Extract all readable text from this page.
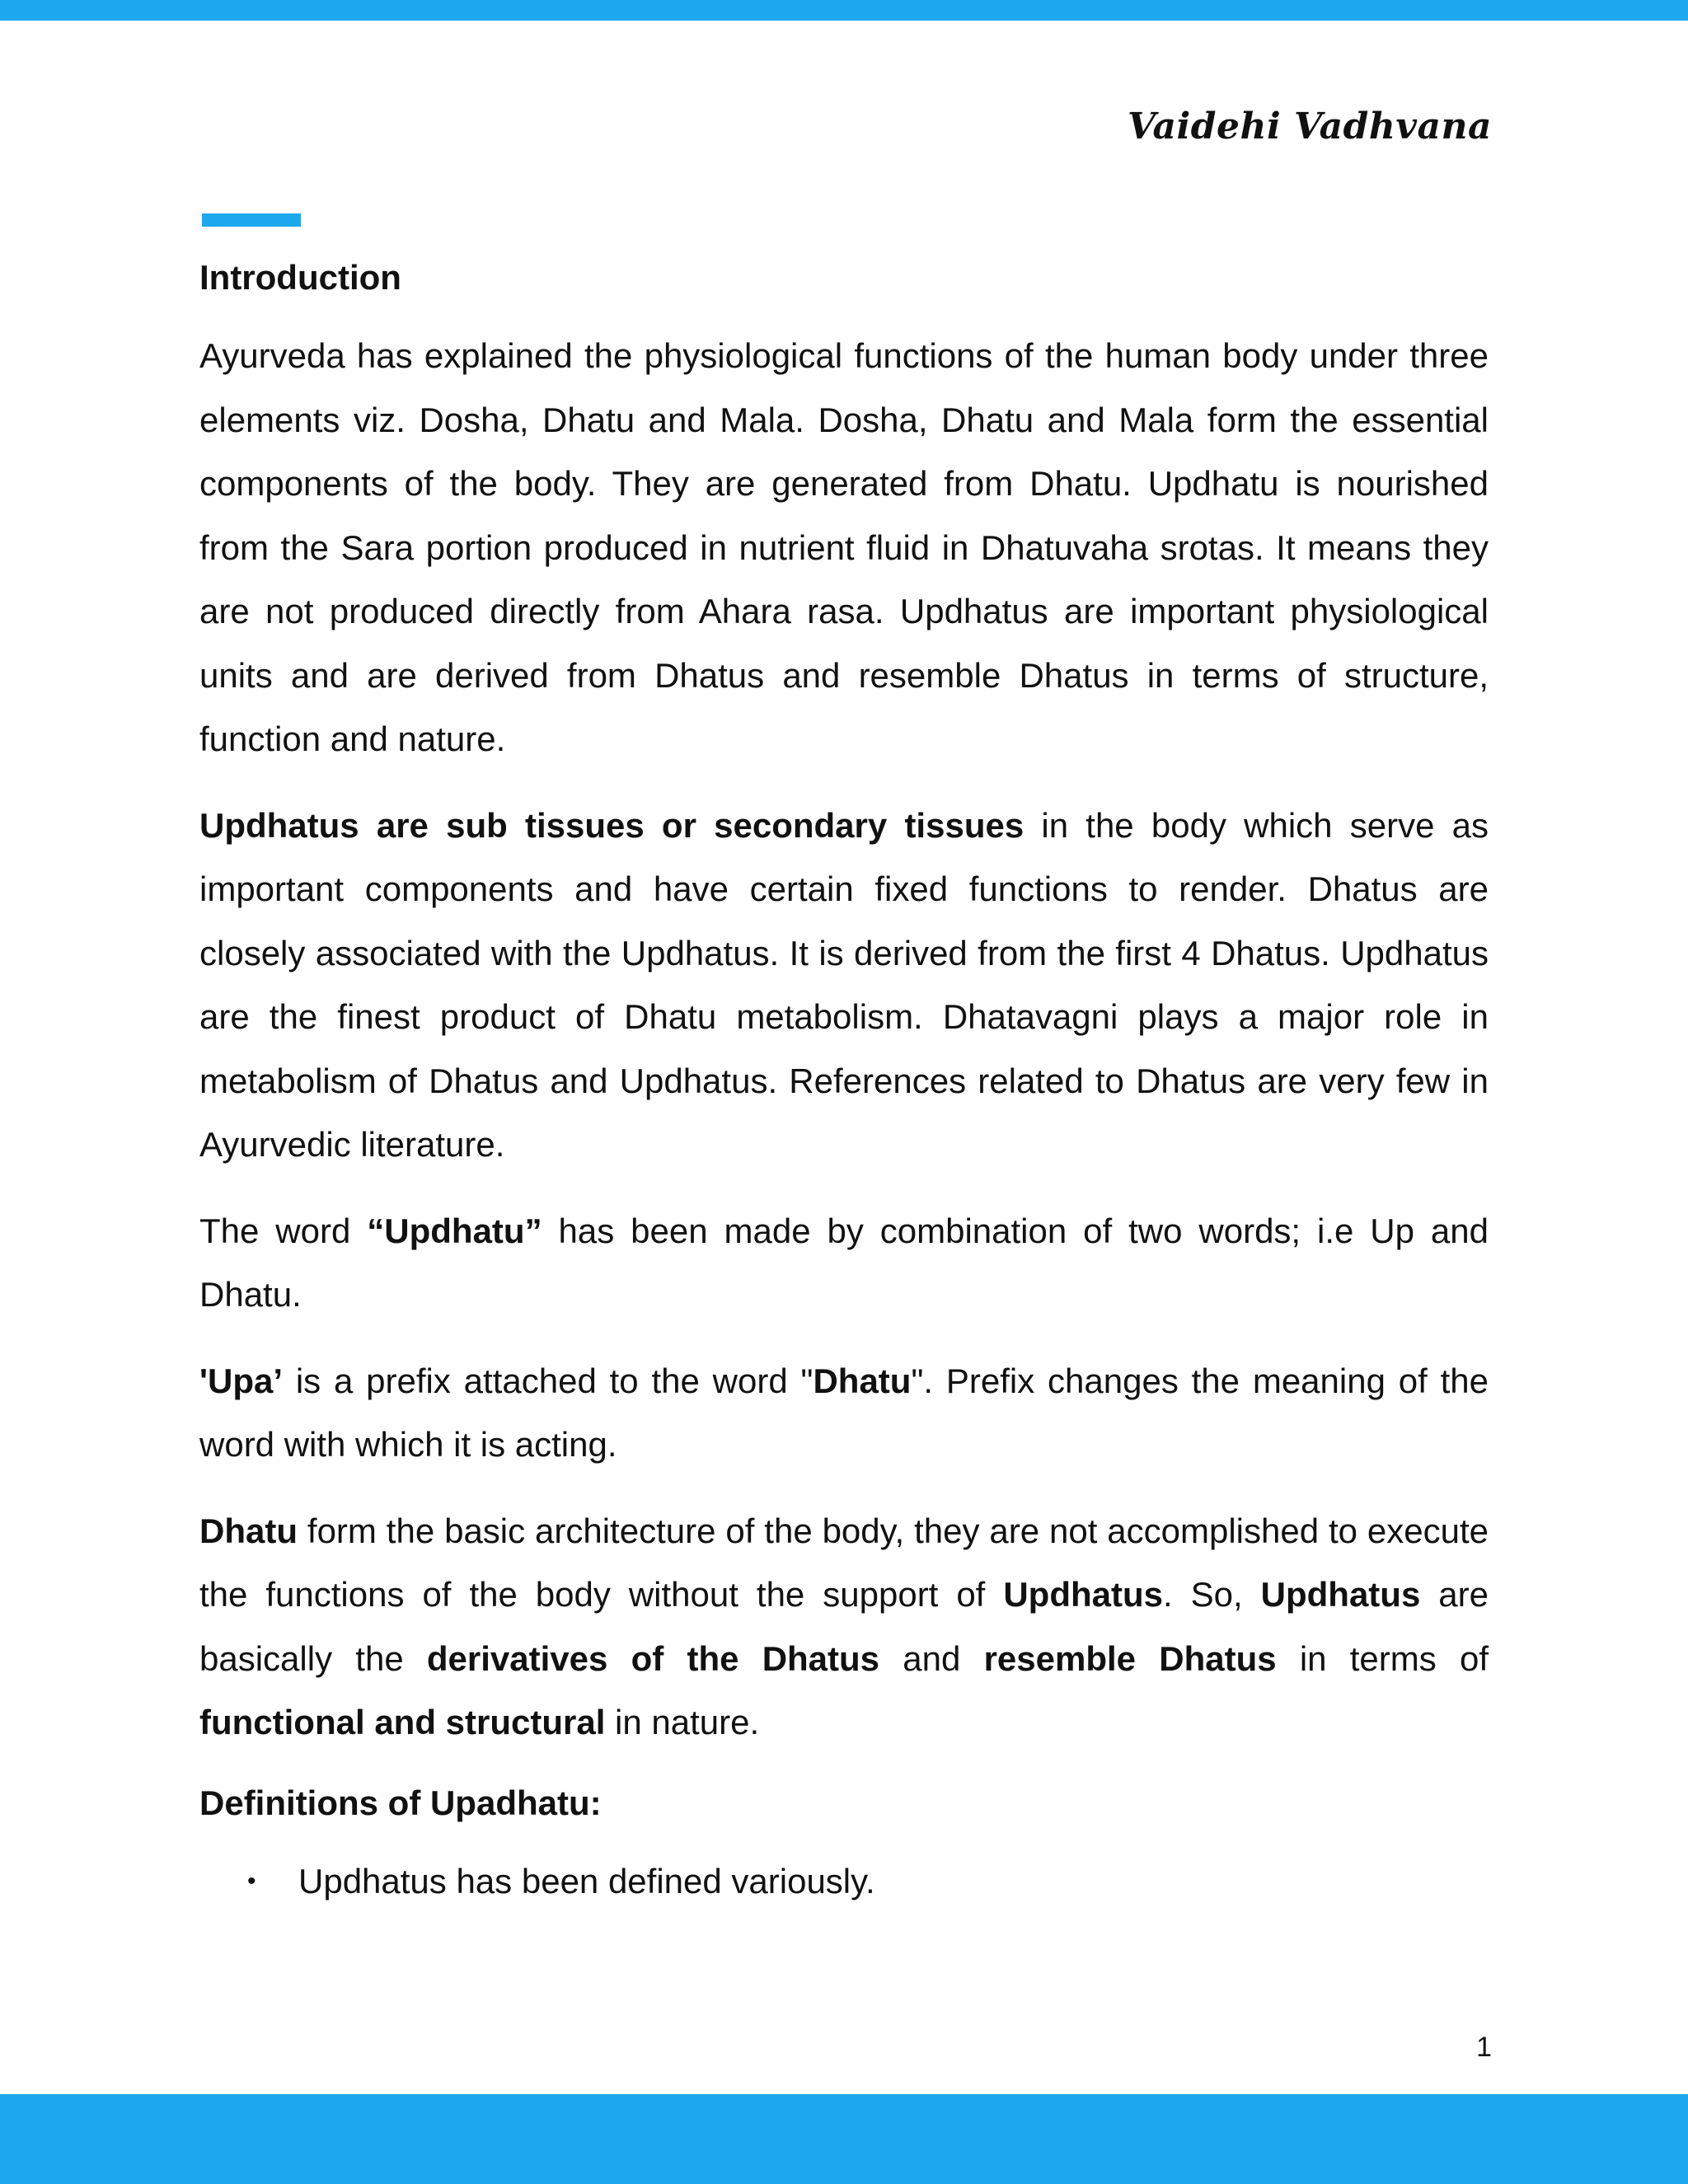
Vaidehi Vadhvana
Introduction
Ayurveda has explained the physiological functions of the human body under three elements viz. Dosha, Dhatu and Mala. Dosha, Dhatu and Mala form the essential components of the body. They are generated from Dhatu. Updhatu is nourished from the Sara portion produced in nutrient fluid in Dhatuvaha srotas. It means they are not produced directly from Ahara rasa. Updhatus are important physiological units and are derived from Dhatus and resemble Dhatus in terms of structure, function and nature.
Updhatus are sub tissues or secondary tissues in the body which serve as important components and have certain fixed functions to render. Dhatus are closely associated with the Updhatus. It is derived from the first 4 Dhatus. Updhatus are the finest product of Dhatu metabolism. Dhatavagni plays a major role in metabolism of Dhatus and Updhatus. References related to Dhatus are very few in Ayurvedic literature.
The word “Updhatu” has been made by combination of two words; i.e Up and Dhatu.
'Upa’ is a prefix attached to the word "Dhatu". Prefix changes the meaning of the word with which it is acting.
Dhatu form the basic architecture of the body, they are not accomplished to execute the functions of the body without the support of Updhatus. So, Updhatus are basically the derivatives of the Dhatus and resemble Dhatus in terms of functional and structural in nature.
Definitions of Upadhatu:
• Updhatus has been defined variously.
1
